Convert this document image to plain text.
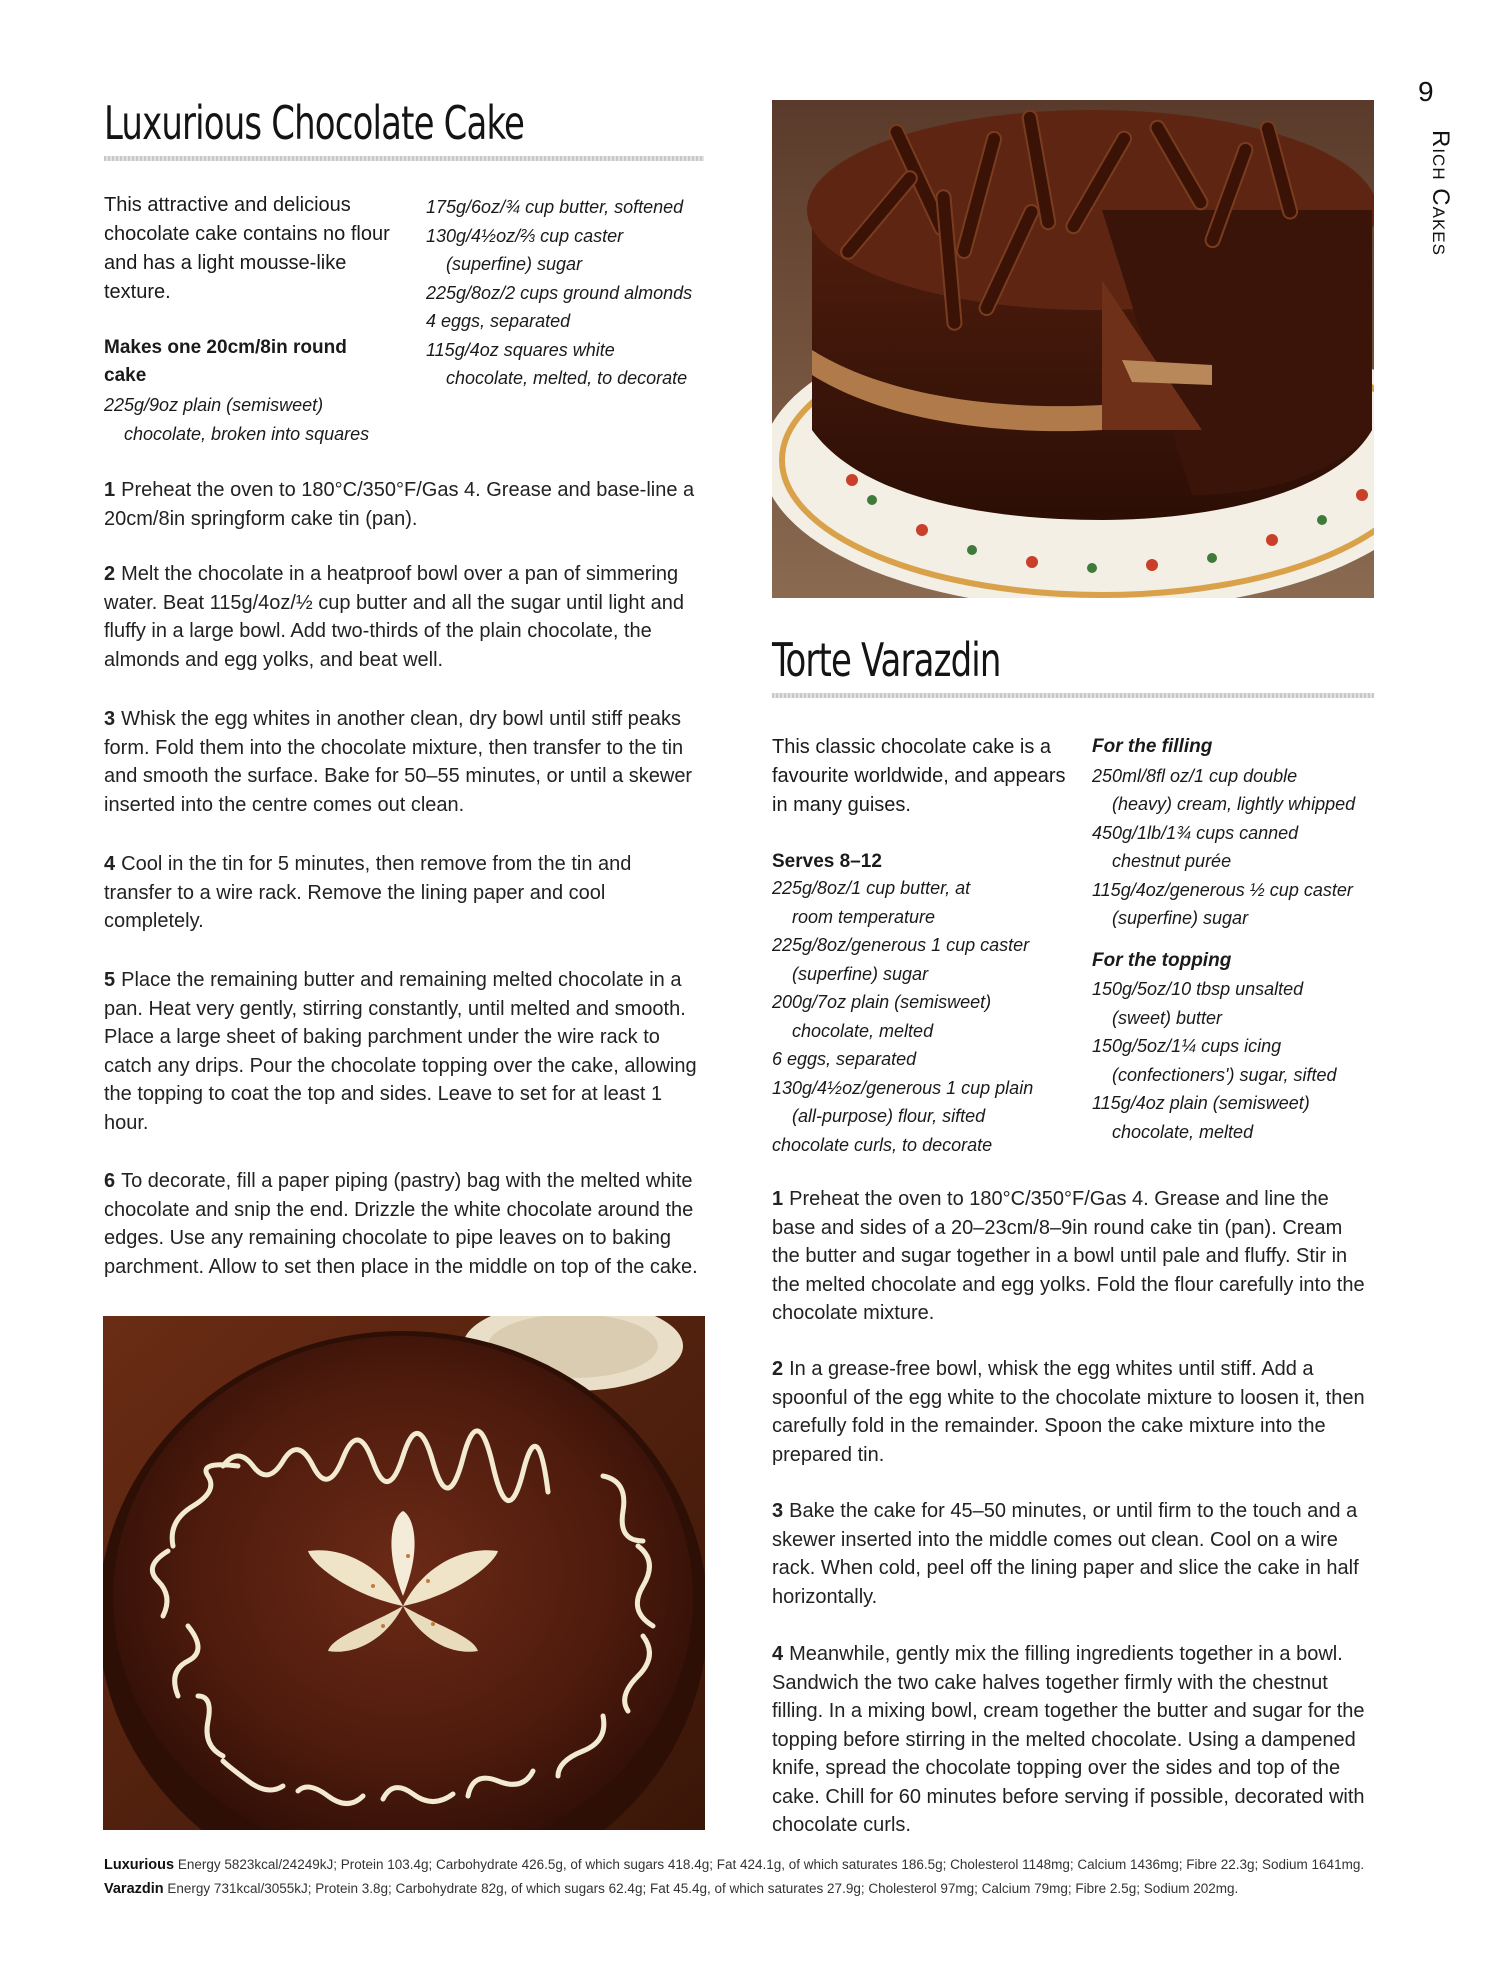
9
Rich Cakes
Luxurious Chocolate Cake

This attractive and delicious chocolate cake contains no flour and has a light mousse-like texture.

Makes one 20cm/8in round cake

225g/9oz plain (semisweet)
chocolate, broken into squares
175g/6oz/¾ cup butter, softened
130g/4½oz/⅔ cup caster
(superfine) sugar
225g/8oz/2 cups ground almonds
4 eggs, separated
115g/4oz squares white
chocolate, melted, to decorate

1 Preheat the oven to 180°C/350°F/Gas 4. Grease and base-line a 20cm/8in springform cake tin (pan).

2 Melt the chocolate in a heatproof bowl over a pan of simmering water. Beat 115g/4oz/½ cup butter and all the sugar until light and fluffy in a large bowl. Add two-thirds of the plain chocolate, the almonds and egg yolks, and beat well.

3 Whisk the egg whites in another clean, dry bowl until stiff peaks form. Fold them into the chocolate mixture, then transfer to the tin and smooth the surface. Bake for 50–55 minutes, or until a skewer inserted into the centre comes out clean.

4 Cool in the tin for 5 minutes, then remove from the tin and transfer to a wire rack. Remove the lining paper and cool completely.

5 Place the remaining butter and remaining melted chocolate in a pan. Heat very gently, stirring constantly, until melted and smooth. Place a large sheet of baking parchment under the wire rack to catch any drips. Pour the chocolate topping over the cake, allowing the topping to coat the top and sides. Leave to set for at least 1 hour.

6 To decorate, fill a paper piping (pastry) bag with the melted white chocolate and snip the end. Drizzle the white chocolate around the edges. Use any remaining chocolate to pipe leaves on to baking parchment. Allow to set then place in the middle on top of the cake.

Torte Varazdin

This classic chocolate cake is a favourite worldwide, and appears in many guises.

Serves 8–12

225g/8oz/1 cup butter, at
room temperature
225g/8oz/generous 1 cup caster
(superfine) sugar
200g/7oz plain (semisweet)
chocolate, melted
6 eggs, separated
130g/4½oz/generous 1 cup plain
(all-purpose) flour, sifted
chocolate curls, to decorate
For the filling
250ml/8fl oz/1 cup double
(heavy) cream, lightly whipped
450g/1lb/1¾ cups canned
chestnut purée
115g/4oz/generous ½ cup caster
(superfine) sugar
For the topping
150g/5oz/10 tbsp unsalted
(sweet) butter
150g/5oz/1¼ cups icing
(confectioners') sugar, sifted
115g/4oz plain (semisweet)
chocolate, melted

1 Preheat the oven to 180°C/350°F/Gas 4. Grease and line the base and sides of a 20–23cm/8–9in round cake tin (pan). Cream the butter and sugar together in a bowl until pale and fluffy. Stir in the melted chocolate and egg yolks. Fold the flour carefully into the chocolate mixture.

2 In a grease-free bowl, whisk the egg whites until stiff. Add a spoonful of the egg white to the chocolate mixture to loosen it, then carefully fold in the remainder. Spoon the cake mixture into the prepared tin.

3 Bake the cake for 45–50 minutes, or until firm to the touch and a skewer inserted into the middle comes out clean. Cool on a wire rack. When cold, peel off the lining paper and slice the cake in half horizontally.

4 Meanwhile, gently mix the filling ingredients together in a bowl. Sandwich the two cake halves together firmly with the chestnut filling. In a mixing bowl, cream together the butter and sugar for the topping before stirring in the melted chocolate. Using a dampened knife, spread the chocolate topping over the sides and top of the cake. Chill for 60 minutes before serving if possible, decorated with chocolate curls.

Luxurious Energy 5823kcal/24249kJ; Protein 103.4g; Carbohydrate 426.5g, of which sugars 418.4g; Fat 424.1g, of which saturates 186.5g; Cholesterol 1148mg; Calcium 1436mg; Fibre 22.3g; Sodium 1641mg.
Varazdin Energy 731kcal/3055kJ; Protein 3.8g; Carbohydrate 82g, of which sugars 62.4g; Fat 45.4g, of which saturates 27.9g; Cholesterol 97mg; Calcium 79mg; Fibre 2.5g; Sodium 202mg.
